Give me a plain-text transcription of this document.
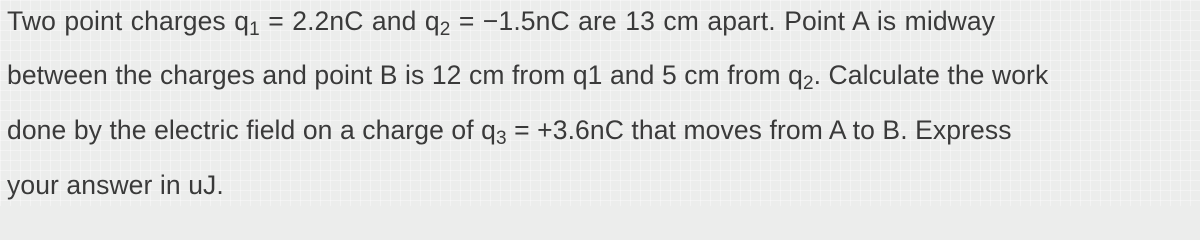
Two point charges $q_1 = 2.2nC$ and $q_2 = -1.5nC$ are 13 cm apart. Point A is midway
between the charges and point B is 12 cm from q1 and 5 cm from $q_2$. Calculate the work
done by the electric field on a charge of $q_3 = +3.6nC$ that moves from A to B. Express
your answer in uJ.
